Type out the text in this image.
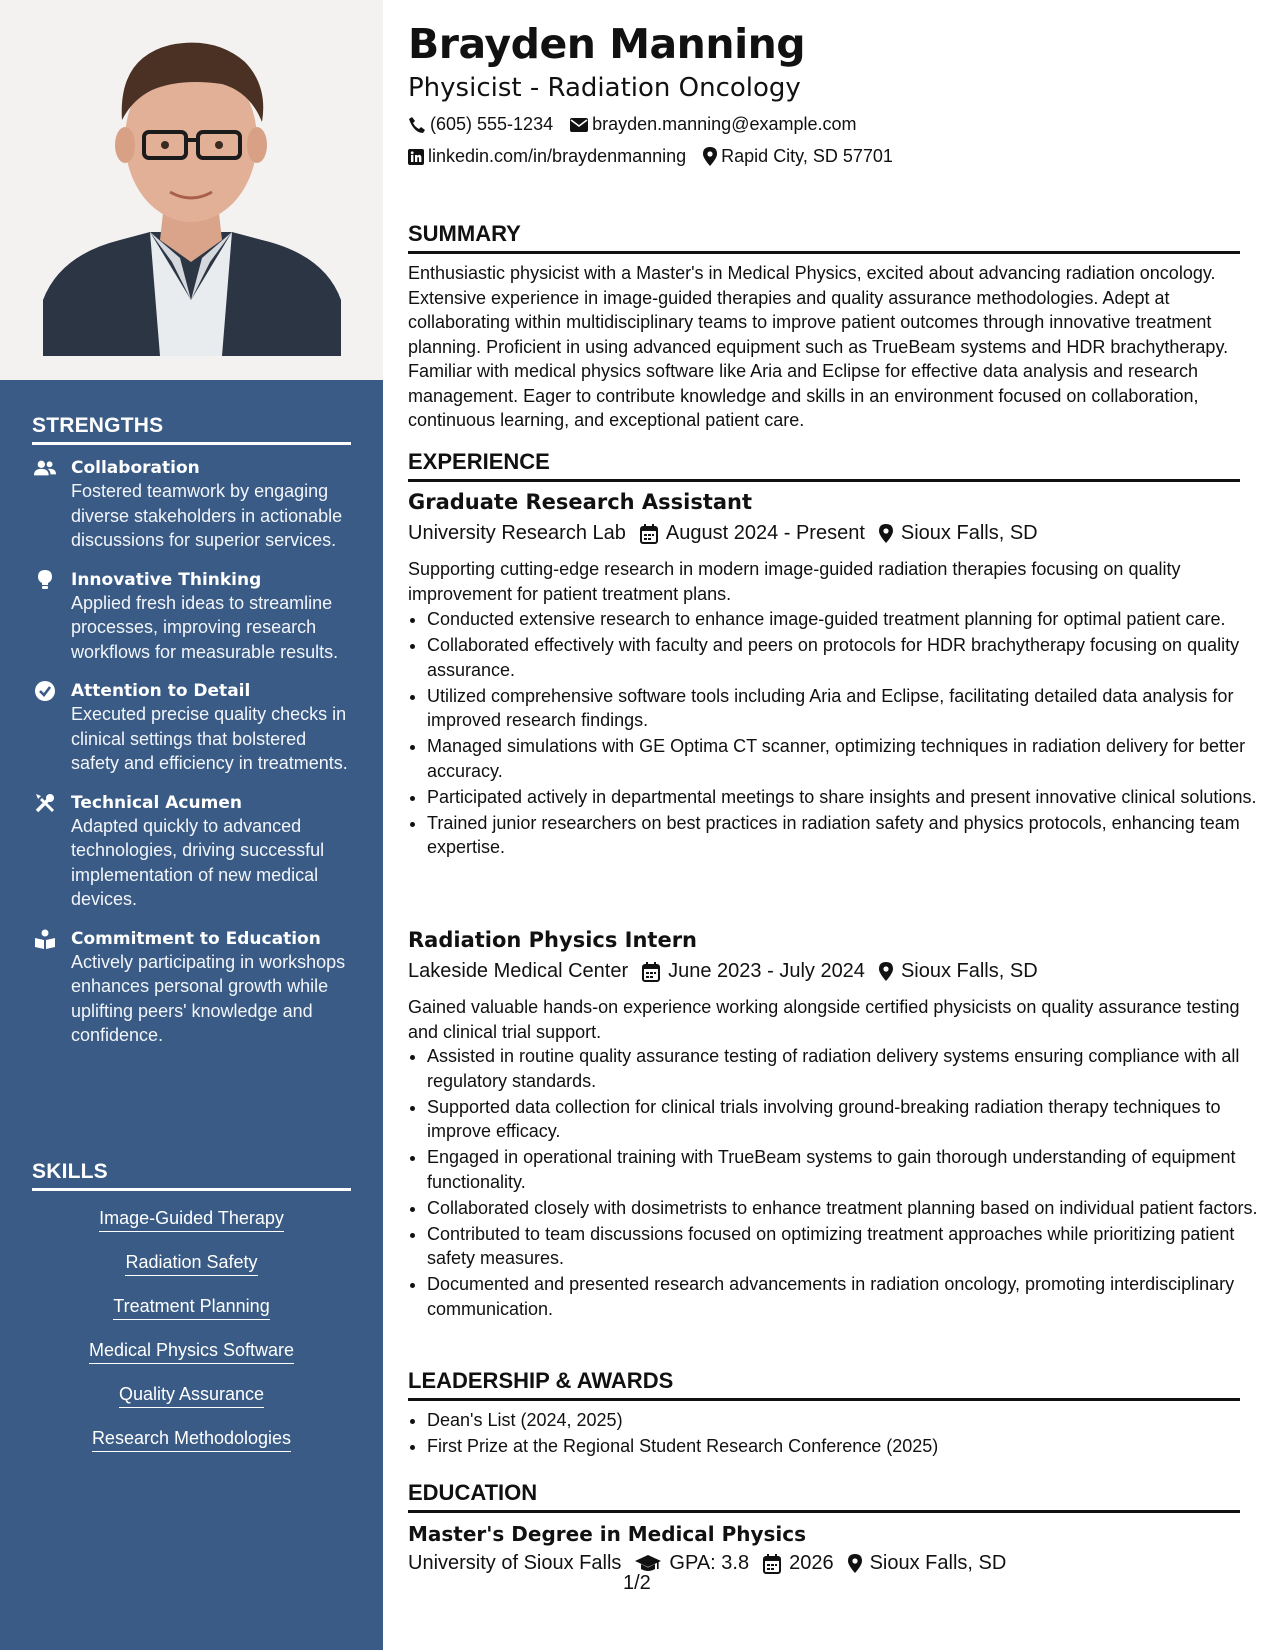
STRENGTHS
Collaboration
Fostered teamwork by engaging diverse stakeholders in actionable discussions for superior services.
Innovative Thinking
Applied fresh ideas to streamline processes, improving research workflows for measurable results.
Attention to Detail
Executed precise quality checks in clinical settings that bolstered safety and efficiency in treatments.
Technical Acumen
Adapted quickly to advanced technologies, driving successful implementation of new medical devices.
Commitment to Education
Actively participating in workshops enhances personal growth while uplifting peers' knowledge and confidence.
SKILLS
Image-Guided Therapy
Radiation Safety
Treatment Planning
Medical Physics Software
Quality Assurance
Research Methodologies
Brayden Manning
Physicist - Radiation Oncology
(605) 555-1234 brayden.manning@example.com
linkedin.com/in/braydenmanning Rapid City, SD 57701
SUMMARY

Enthusiastic physicist with a Master's in Medical Physics, excited about advancing radiation oncology. Extensive experience in image-guided therapies and quality assurance methodologies. Adept at collaborating within multidisciplinary teams to improve patient outcomes through innovative treatment planning. Proficient in using advanced equipment such as TrueBeam systems and HDR brachytherapy. Familiar with medical physics software like Aria and Eclipse for effective data analysis and research management. Eager to contribute knowledge and skills in an environment focused on collaboration, continuous learning, and exceptional patient care.

EXPERIENCE
Graduate Research Assistant
University Research Lab August 2024 - Present Sioux Falls, SD

Supporting cutting-edge research in modern image-guided radiation therapies focusing on quality improvement for patient treatment plans.

• Conducted extensive research to enhance image-guided treatment planning for optimal patient care.
• Collaborated effectively with faculty and peers on protocols for HDR brachytherapy focusing on quality assurance.
• Utilized comprehensive software tools including Aria and Eclipse, facilitating detailed data analysis for improved research findings.
• Managed simulations with GE Optima CT scanner, optimizing techniques in radiation delivery for better accuracy.
• Participated actively in departmental meetings to share insights and present innovative clinical solutions.
• Trained junior researchers on best practices in radiation safety and physics protocols, enhancing team expertise.
Radiation Physics Intern
Lakeside Medical Center June 2023 - July 2024 Sioux Falls, SD

Gained valuable hands-on experience working alongside certified physicists on quality assurance testing and clinical trial support.

• Assisted in routine quality assurance testing of radiation delivery systems ensuring compliance with all regulatory standards.
• Supported data collection for clinical trials involving ground-breaking radiation therapy techniques to improve efficacy.
• Engaged in operational training with TrueBeam systems to gain thorough understanding of equipment functionality.
• Collaborated closely with dosimetrists to enhance treatment planning based on individual patient factors.
• Contributed to team discussions focused on optimizing treatment approaches while prioritizing patient safety measures.
• Documented and presented research advancements in radiation oncology, promoting interdisciplinary communication.
LEADERSHIP & AWARDS
• Dean's List (2024, 2025)
• First Prize at the Regional Student Research Conference (2025)
EDUCATION
Master's Degree in Medical Physics
University of Sioux Falls GPA: 3.8 2026 Sioux Falls, SD
1/2
